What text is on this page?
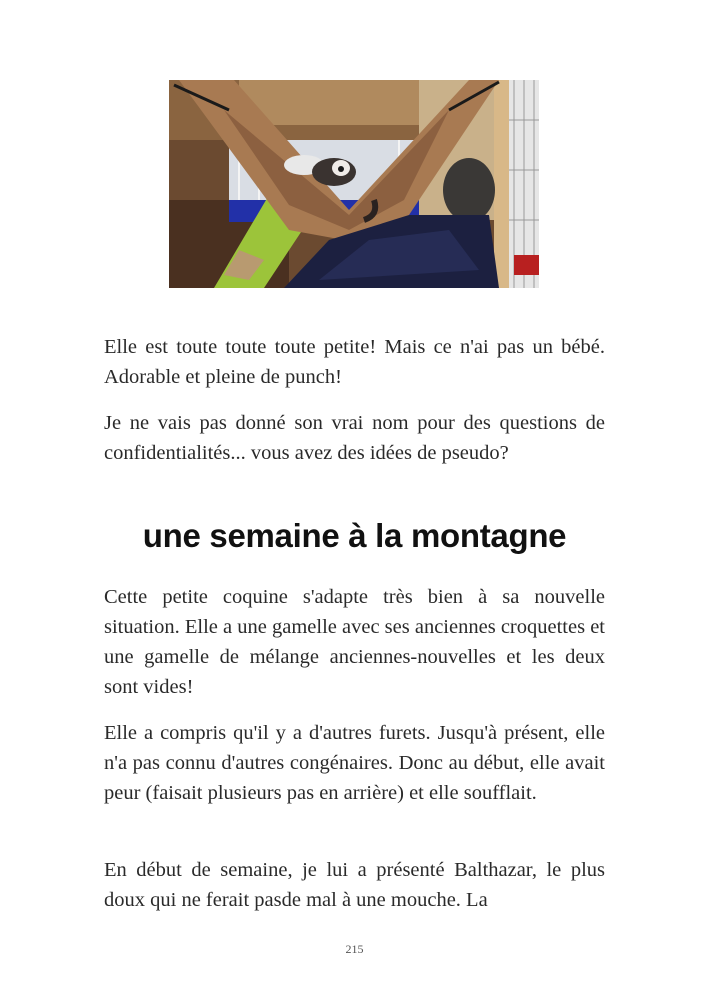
Elle est toute toute toute petite! Mais ce n'ai pas un bébé. Adorable et pleine de punch!

Je ne vais pas donné son vrai nom pour des questions de confidentialités... vous avez des idées de pseudo?

une semaine à la montagne

Cette petite coquine s'adapte très bien à sa nouvelle situation. Elle a une gamelle avec ses anciennes croquettes et une gamelle de mélange anciennes-nouvelles et les deux sont vides!

Elle a compris qu'il y a d'autres furets. Jusqu'à présent, elle n'a pas connu d'autres congénaires. Donc au début, elle avait peur (faisait plusieurs pas en arrière) et elle soufflait.

En début de semaine, je lui a présenté Balthazar, le plus doux qui ne ferait pasde mal à une mouche. La

215
